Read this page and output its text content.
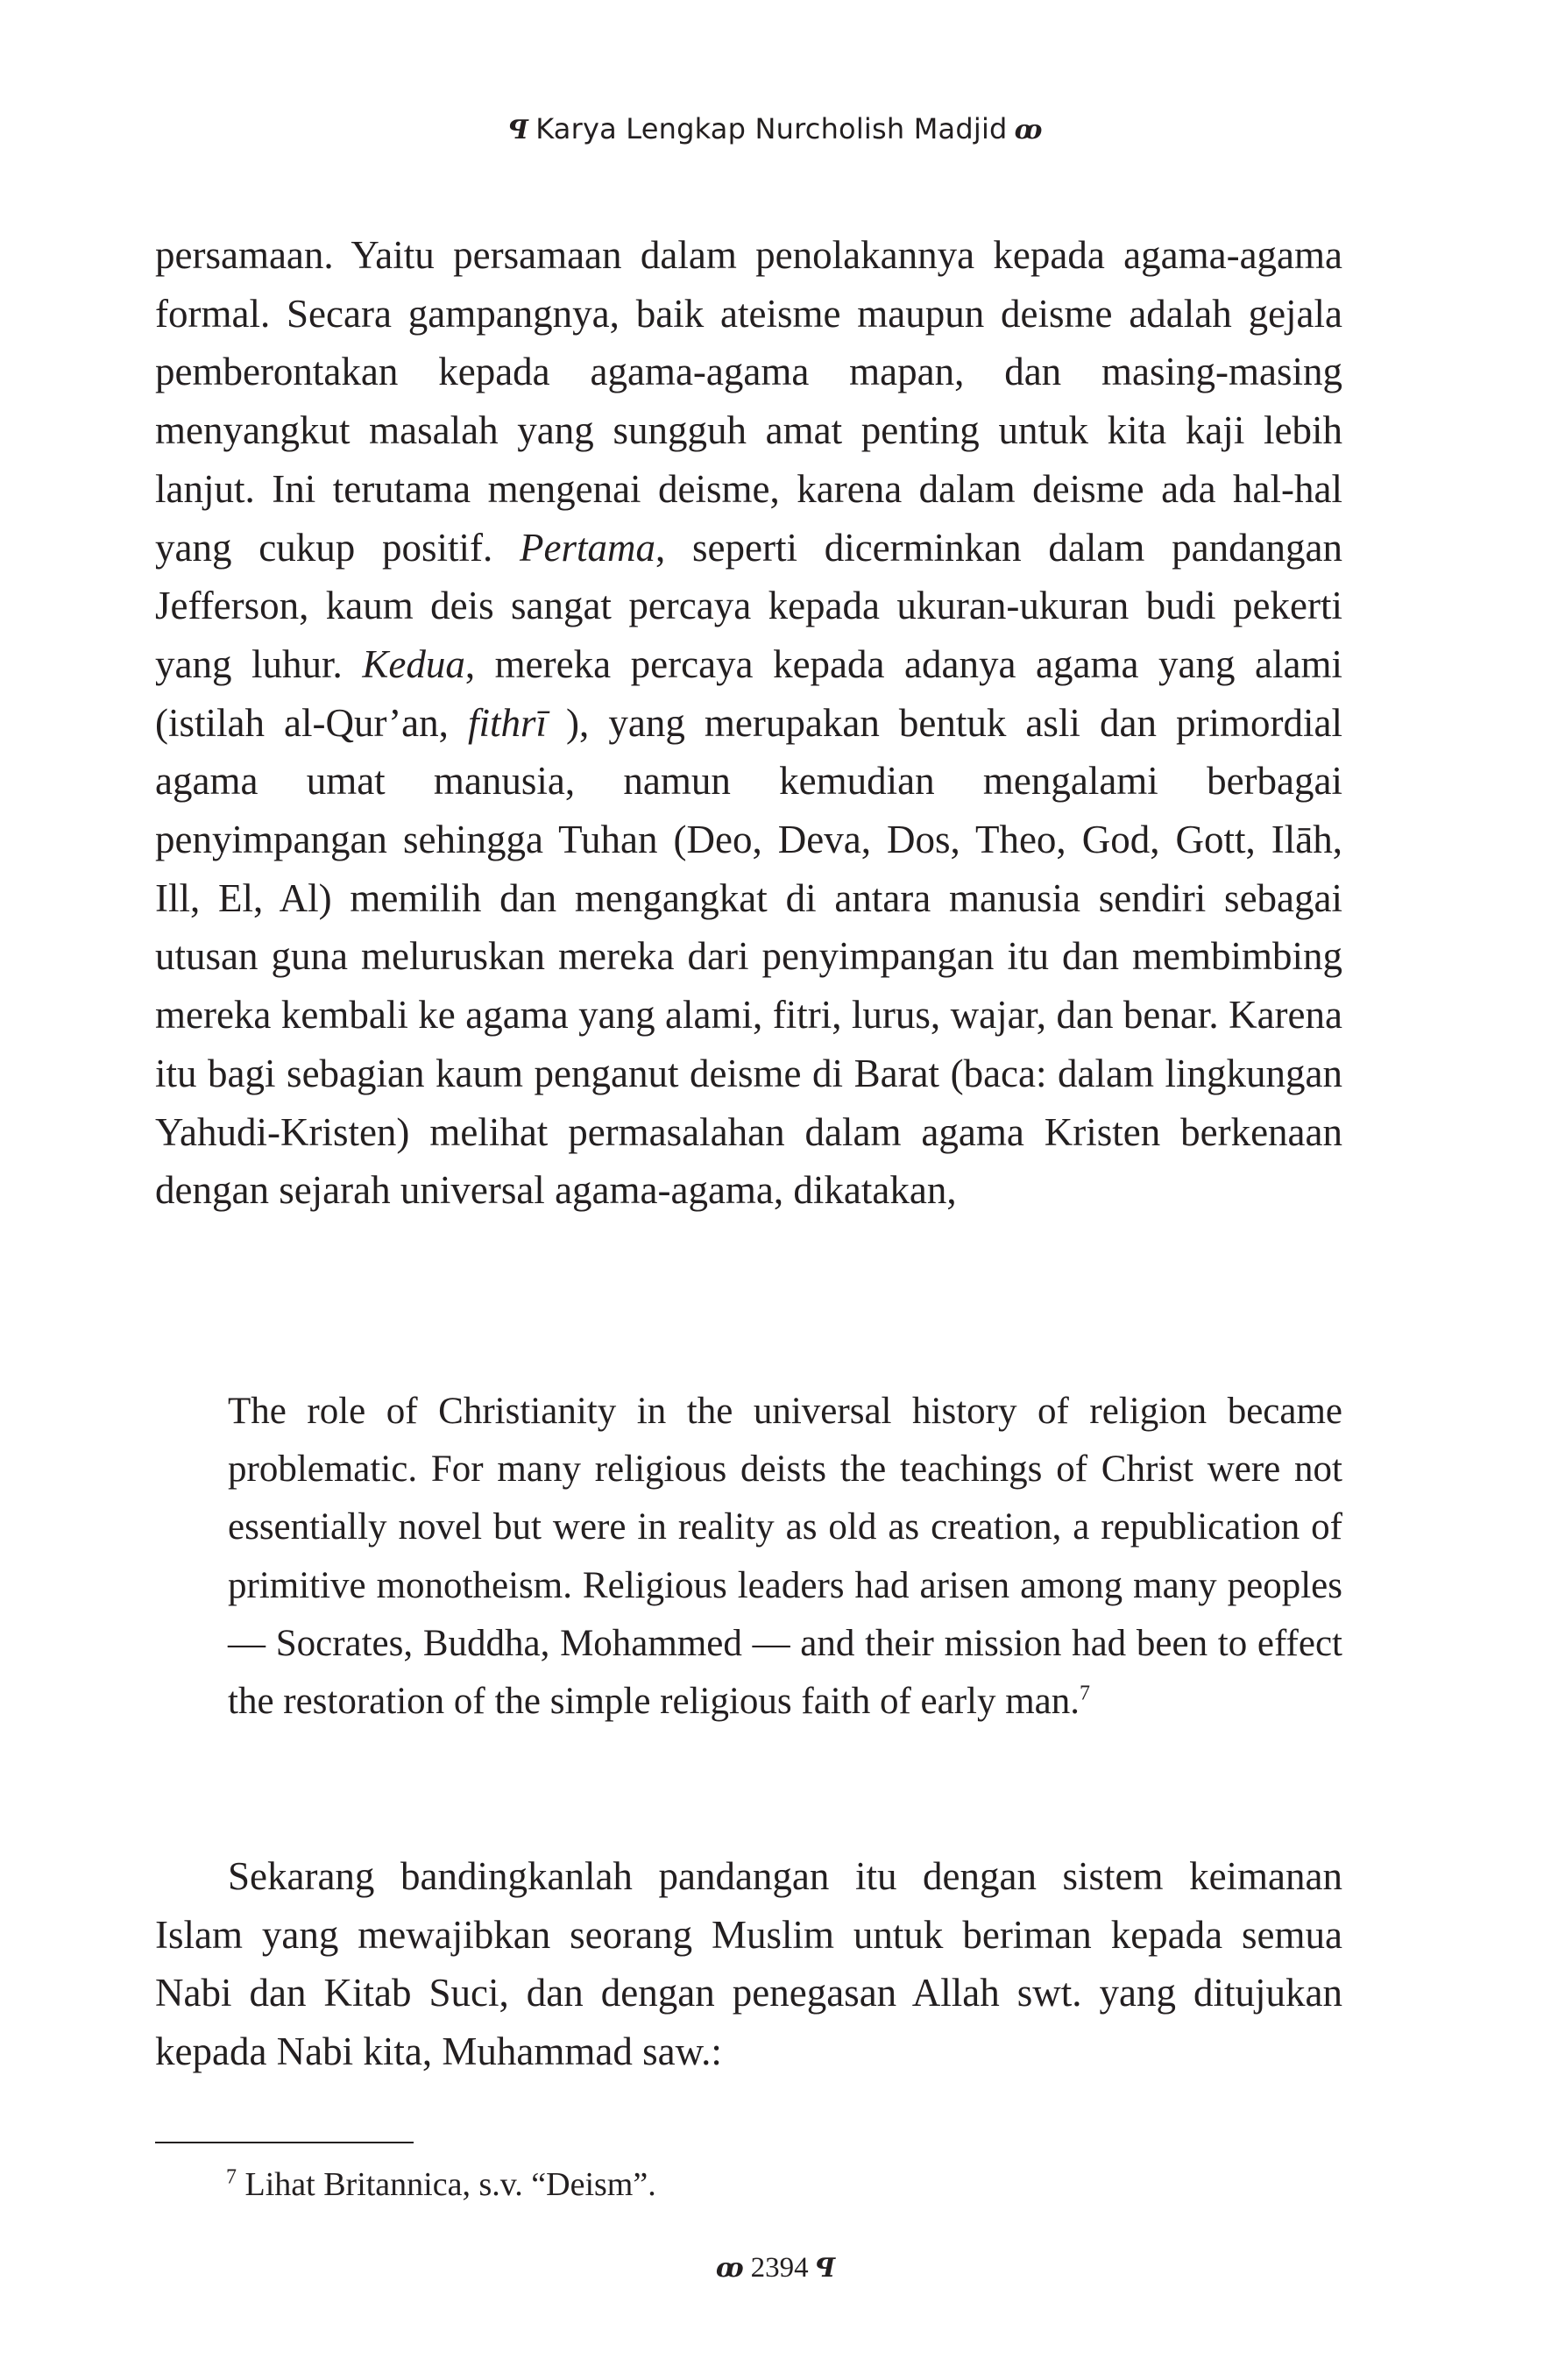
ꟼ Karya Lengkap Nurcholish Madjid ꝏ

persamaan. Yaitu persamaan dalam penolakannya kepada agama-agama formal. Secara gampangnya, baik ateisme maupun deisme adalah gejala pemberontakan kepada agama-agama mapan, dan masing-masing menyangkut masalah yang sungguh amat penting untuk kita kaji lebih lanjut. Ini terutama mengenai deisme, karena dalam deisme ada hal-hal yang cukup positif. Pertama, seperti dicerminkan dalam pandangan Jefferson, kaum deis sangat percaya kepada ukuran-ukuran budi pekerti yang luhur. Kedua, mereka percaya kepada adanya agama yang alami (istilah al-Qur’an, fithrī ), yang merupakan bentuk asli dan primordial agama umat manusia, namun kemudian mengalami berbagai penyimpangan sehingga Tuhan (Deo, Deva, Dos, Theo, God, Gott, Ilāh, Ill, El, Al) memilih dan mengangkat di antara manusia sendiri sebagai utusan guna meluruskan mereka dari penyimpangan itu dan membimbing mereka kembali ke agama yang alami, fitri, lurus, wajar, dan benar. Karena itu bagi sebagian kaum penganut deisme di Barat (baca: dalam lingkungan Yahudi-Kristen) melihat permasalahan dalam agama Kristen berkenaan dengan sejarah universal agama-agama, dikatakan,

The role of Christianity in the universal history of religion became problematic. For many religious deists the teachings of Christ were not essentially novel but were in reality as old as creation, a republication of primitive monotheism. Religious leaders had arisen among many peoples — Socrates, Buddha, Mohammed — and their mission had been to effect the restoration of the simple religious faith of early man.$^7$

Sekarang bandingkanlah pandangan itu dengan sistem keimanan Islam yang mewajibkan seorang Muslim untuk beriman kepada semua Nabi dan Kitab Suci, dan dengan penegasan Allah swt. yang ditujukan kepada Nabi kita, Muhammad saw.:

$^7$ Lihat Britannica, s.v. “Deism”.
ꝏ 2394 ꟼ
